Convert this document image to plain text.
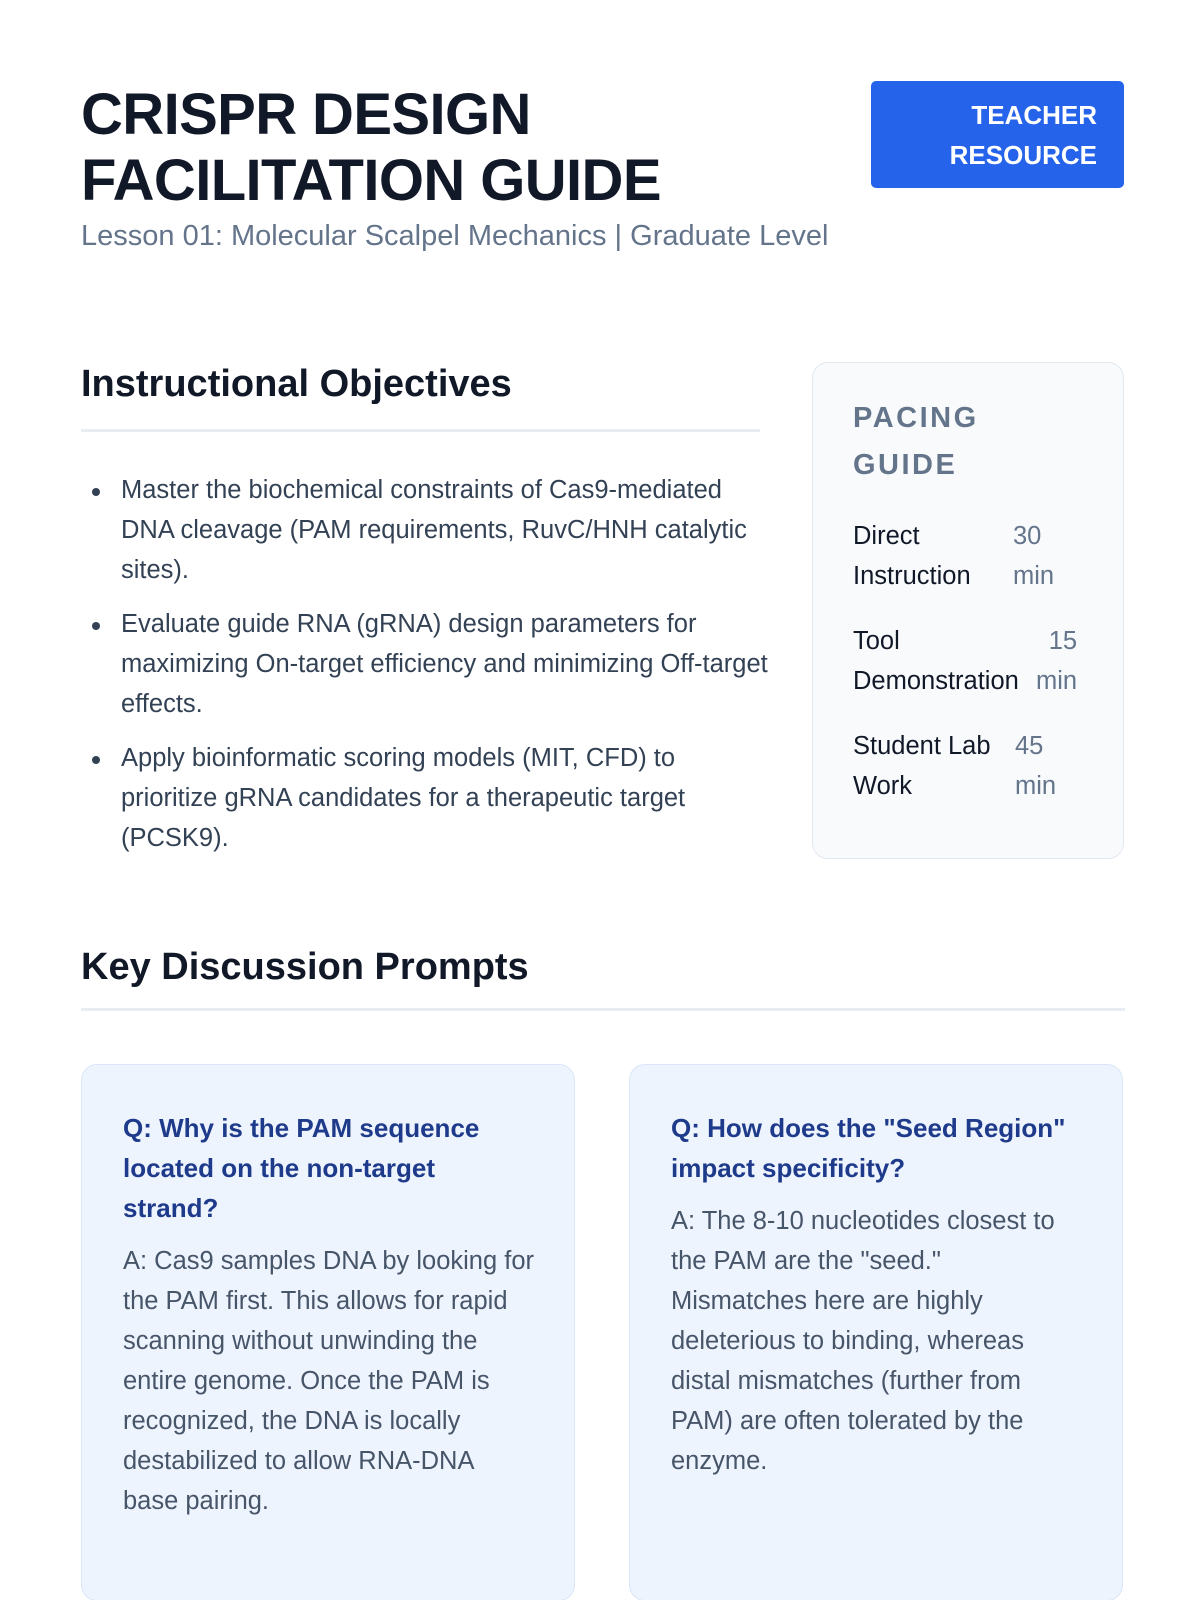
CRISPR DESIGN
FACILITATION GUIDE
Lesson 01: Molecular Scalpel Mechanics | Graduate Level
TEACHER
RESOURCE
Instructional Objectives
Master the biochemical constraints of Cas9-mediated DNA cleavage (PAM requirements, RuvC/HNH catalytic sites).
Evaluate guide RNA (gRNA) design parameters for maximizing On-target efficiency and minimizing Off-target effects.
Apply bioinformatic scoring models (MIT, CFD) to prioritize gRNA candidates for a therapeutic target (PCSK9).
PACING
GUIDE
Direct
Instruction
30
min
Tool
Demonstration
15
min
Student Lab
Work
45
min
Key Discussion Prompts
Q: Why is the PAM sequence located on the non-target strand?
A: Cas9 samples DNA by looking for the PAM first. This allows for rapid scanning without unwinding the entire genome. Once the PAM is recognized, the DNA is locally destabilized to allow RNA-DNA base pairing.
Q: How does the "Seed Region" impact specificity?
A: The 8-10 nucleotides closest to the PAM are the "seed." Mismatches here are highly deleterious to binding, whereas distal mismatches (further from PAM) are often tolerated by the enzyme.
